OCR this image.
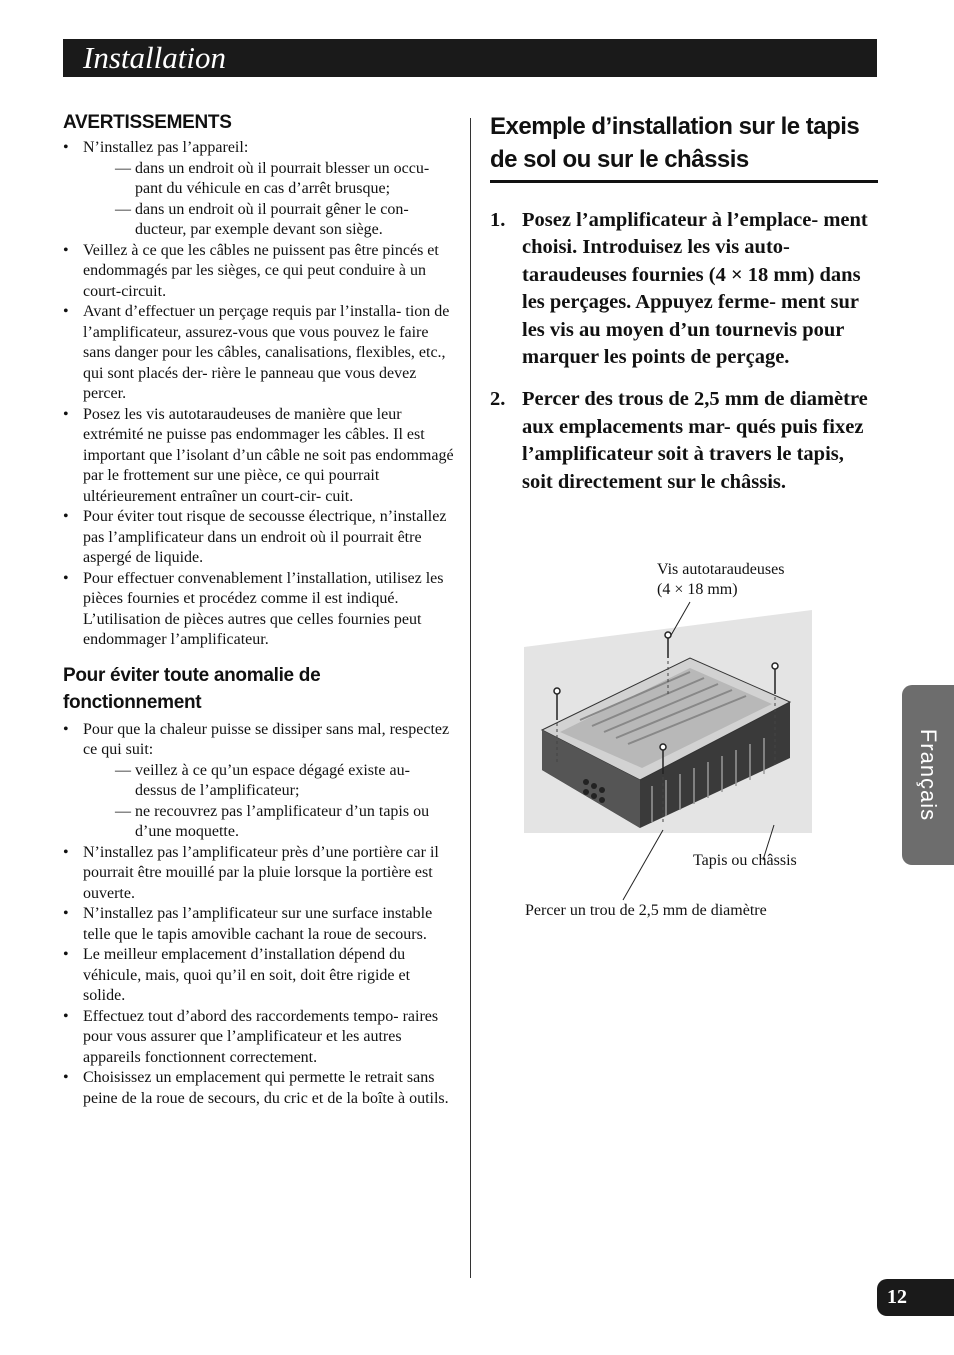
Installation
AVERTISSEMENTS
• N’installez pas l’appareil:
— dans un endroit où il pourrait blesser un occu-
pant du véhicule en cas d’arrêt brusque;
— dans un endroit où il pourrait gêner le con-
ducteur, par exemple devant son siège.
• Veillez à ce que les câbles ne puissent pas être pincés et endommagés par les sièges, ce qui peut conduire à un court-circuit.
• Avant d’effectuer un perçage requis par l’installa- tion de l’amplificateur, assurez-vous que vous pouvez le faire sans danger pour les câbles, canalisations, flexibles, etc., qui sont placés der- rière le panneau que vous devez percer.
• Posez les vis autotaraudeuses de manière que leur extrémité ne puisse pas endommager les câbles. Il est important que l’isolant d’un câble ne soit pas endommagé par le frottement sur une pièce, ce qui pourrait ultérieurement entraîner un court-cir- cuit.
• Pour éviter tout risque de secousse électrique, n’installez pas l’amplificateur dans un endroit où il pourrait être aspergé de liquide.
• Pour effectuer convenablement l’installation, utilisez les pièces fournies et procédez comme il est indiqué. L’utilisation de pièces autres que celles fournies peut endommager l’amplificateur.
Pour éviter toute anomalie de
fonctionnement
• Pour que la chaleur puisse se dissiper sans mal, respectez ce qui suit:
— veillez à ce qu’un espace dégagé existe au-
dessus de l’amplificateur;
— ne recouvrez pas l’amplificateur d’un tapis ou
d’une moquette.
• N’installez pas l’amplificateur près d’une portière car il pourrait être mouillé par la pluie lorsque la portière est ouverte.
• N’installez pas l’amplificateur sur une surface instable telle que le tapis amovible cachant la roue de secours.
• Le meilleur emplacement d’installation dépend du véhicule, mais, quoi qu’il en soit, doit être rigide et solide.
• Effectuez tout d’abord des raccordements tempo- raires pour vous assurer que l’amplificateur et les autres appareils fonctionnent correctement.
• Choisissez un emplacement qui permette le retrait sans peine de la roue de secours, du cric et de la boîte à outils.
Exemple d’installation sur le tapis de sol ou sur le châssis
1. Posez l’amplificateur à l’emplace- ment choisi. Introduisez les vis auto- taraudeuses fournies (4 × 18 mm) dans les perçages. Appuyez ferme- ment sur les vis au moyen d’un tournevis pour marquer les points de perçage.
2. Percer des trous de 2,5 mm de diamètre aux emplacements mar- qués puis fixez l’amplificateur soit à travers le tapis, soit directement sur le châssis.
Vis autotaraudeuses
(4 × 18 mm)
Tapis ou châssis
Percer un trou de 2,5 mm de diamètre
Français
12
